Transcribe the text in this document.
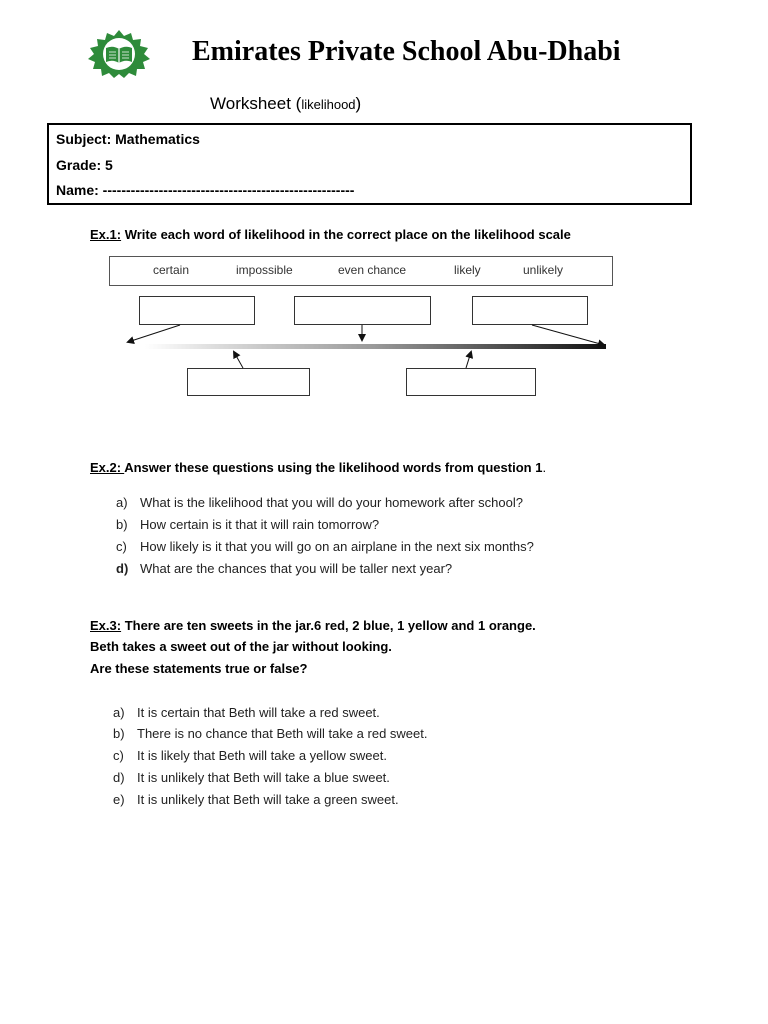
Emirates Private School Abu-Dhabi
Worksheet (likelihood)
Subject: Mathematics
Grade: 5
Name: ------------------------------------------------------
Ex.1: Write each word of likelihood in the correct place on the likelihood scale
certain	impossible	even chance	likely	unlikely
Ex.2: Answer these questions using the likelihood words from question 1.
a) What is the likelihood that you will do your homework after school?
b) How certain is it that it will rain tomorrow?
c) How likely is it that you will go on an airplane in the next six months?
d) What are the chances that you will be taller next year?
Ex.3: There are ten sweets in the jar.6 red, 2 blue, 1 yellow and 1 orange.
Beth takes a sweet out of the jar without looking.
Are these statements true or false?
a) It is certain that Beth will take a red sweet.
b) There is no chance that Beth will take a red sweet.
c) It is likely that Beth will take a yellow sweet.
d) It is unlikely that Beth will take a blue sweet.
e) It is unlikely that Beth will take a green sweet.
